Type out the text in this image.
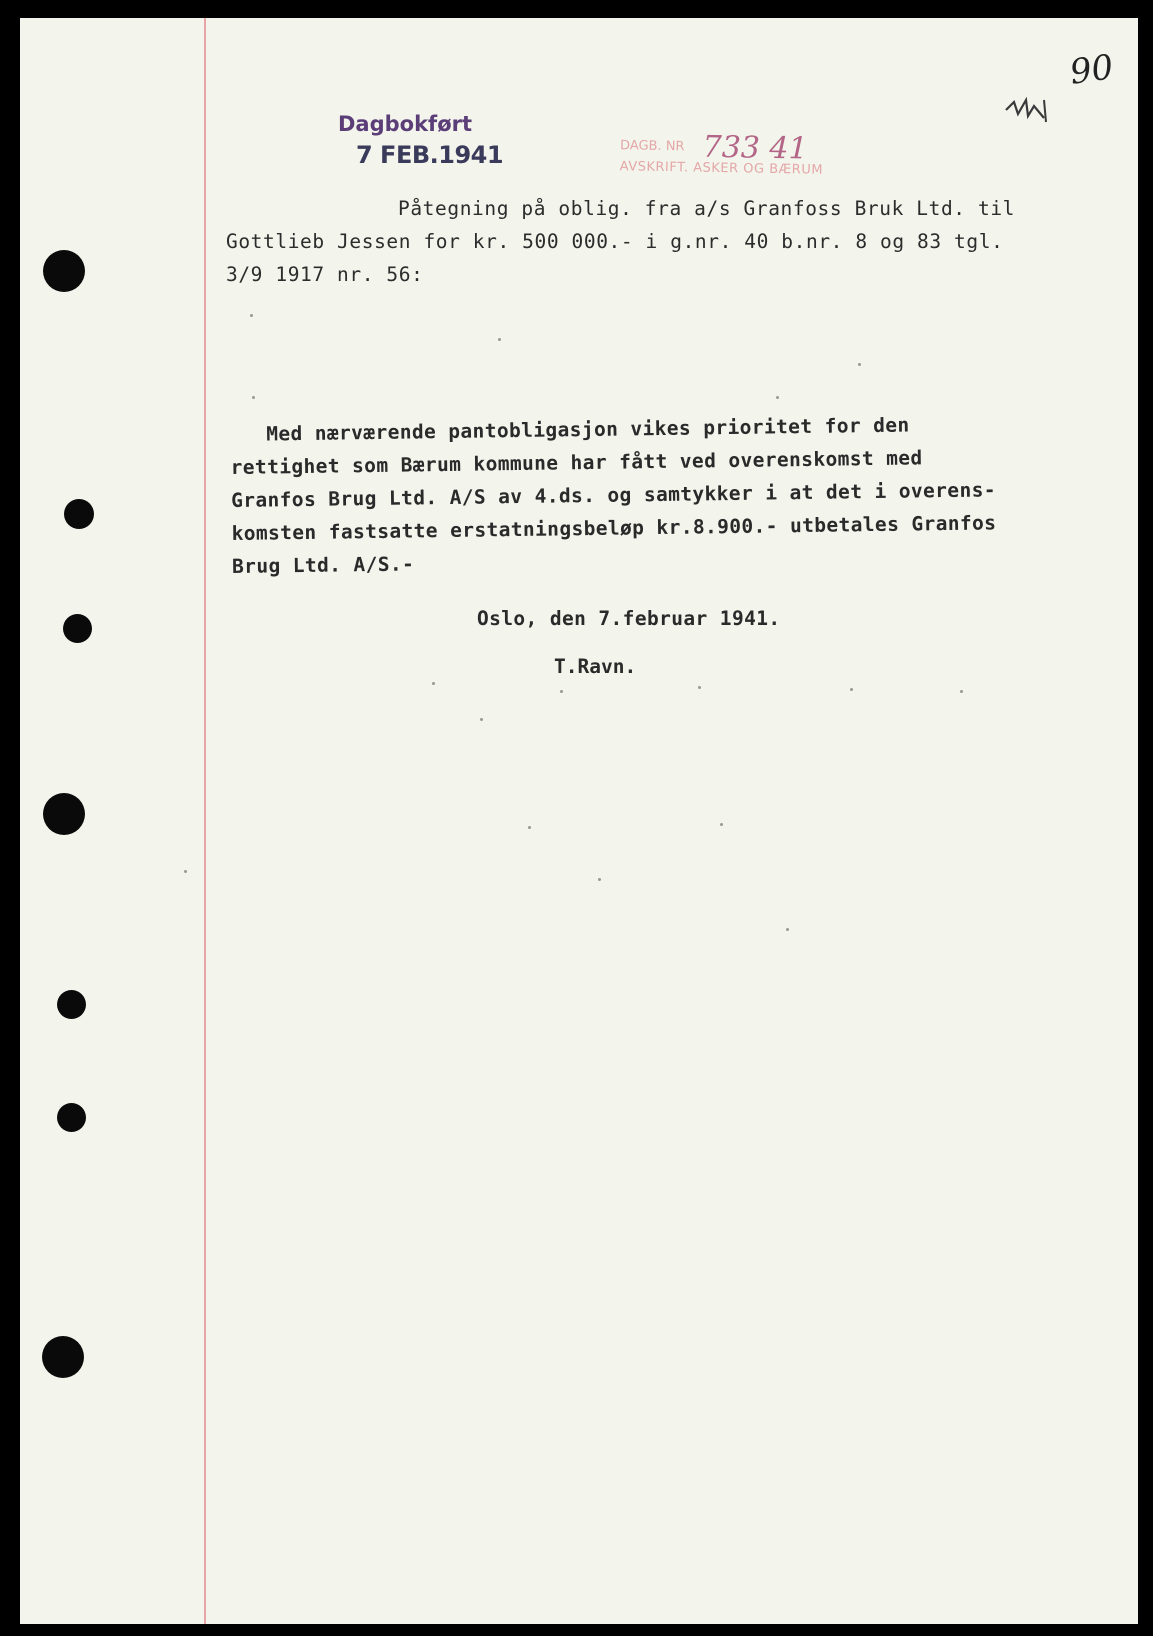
Dagbokført
7 FEB.1941	DAGB. NR 733 41
AVSKRIFT. ASKER OG BÆRUM
90
Påtegning på oblig. fra a/s Granfoss Bruk Ltd. til
Gottlieb Jessen for kr. 500 000.- i g.nr. 40 b.nr. 8 og 83 tgl.
3/9 1917 nr. 56:
Med nærværende pantobligasjon vikes prioritet for den
rettighet som Bærum kommune har fått ved overenskomst med
Granfos Brug Ltd. A/S av 4.ds. og samtykker i at det i overens-
komsten fastsatte erstatningsbeløp kr.8.900.- utbetales Granfos
Brug Ltd. A/S.-
Oslo, den 7.februar 1941.
T.Ravn.
